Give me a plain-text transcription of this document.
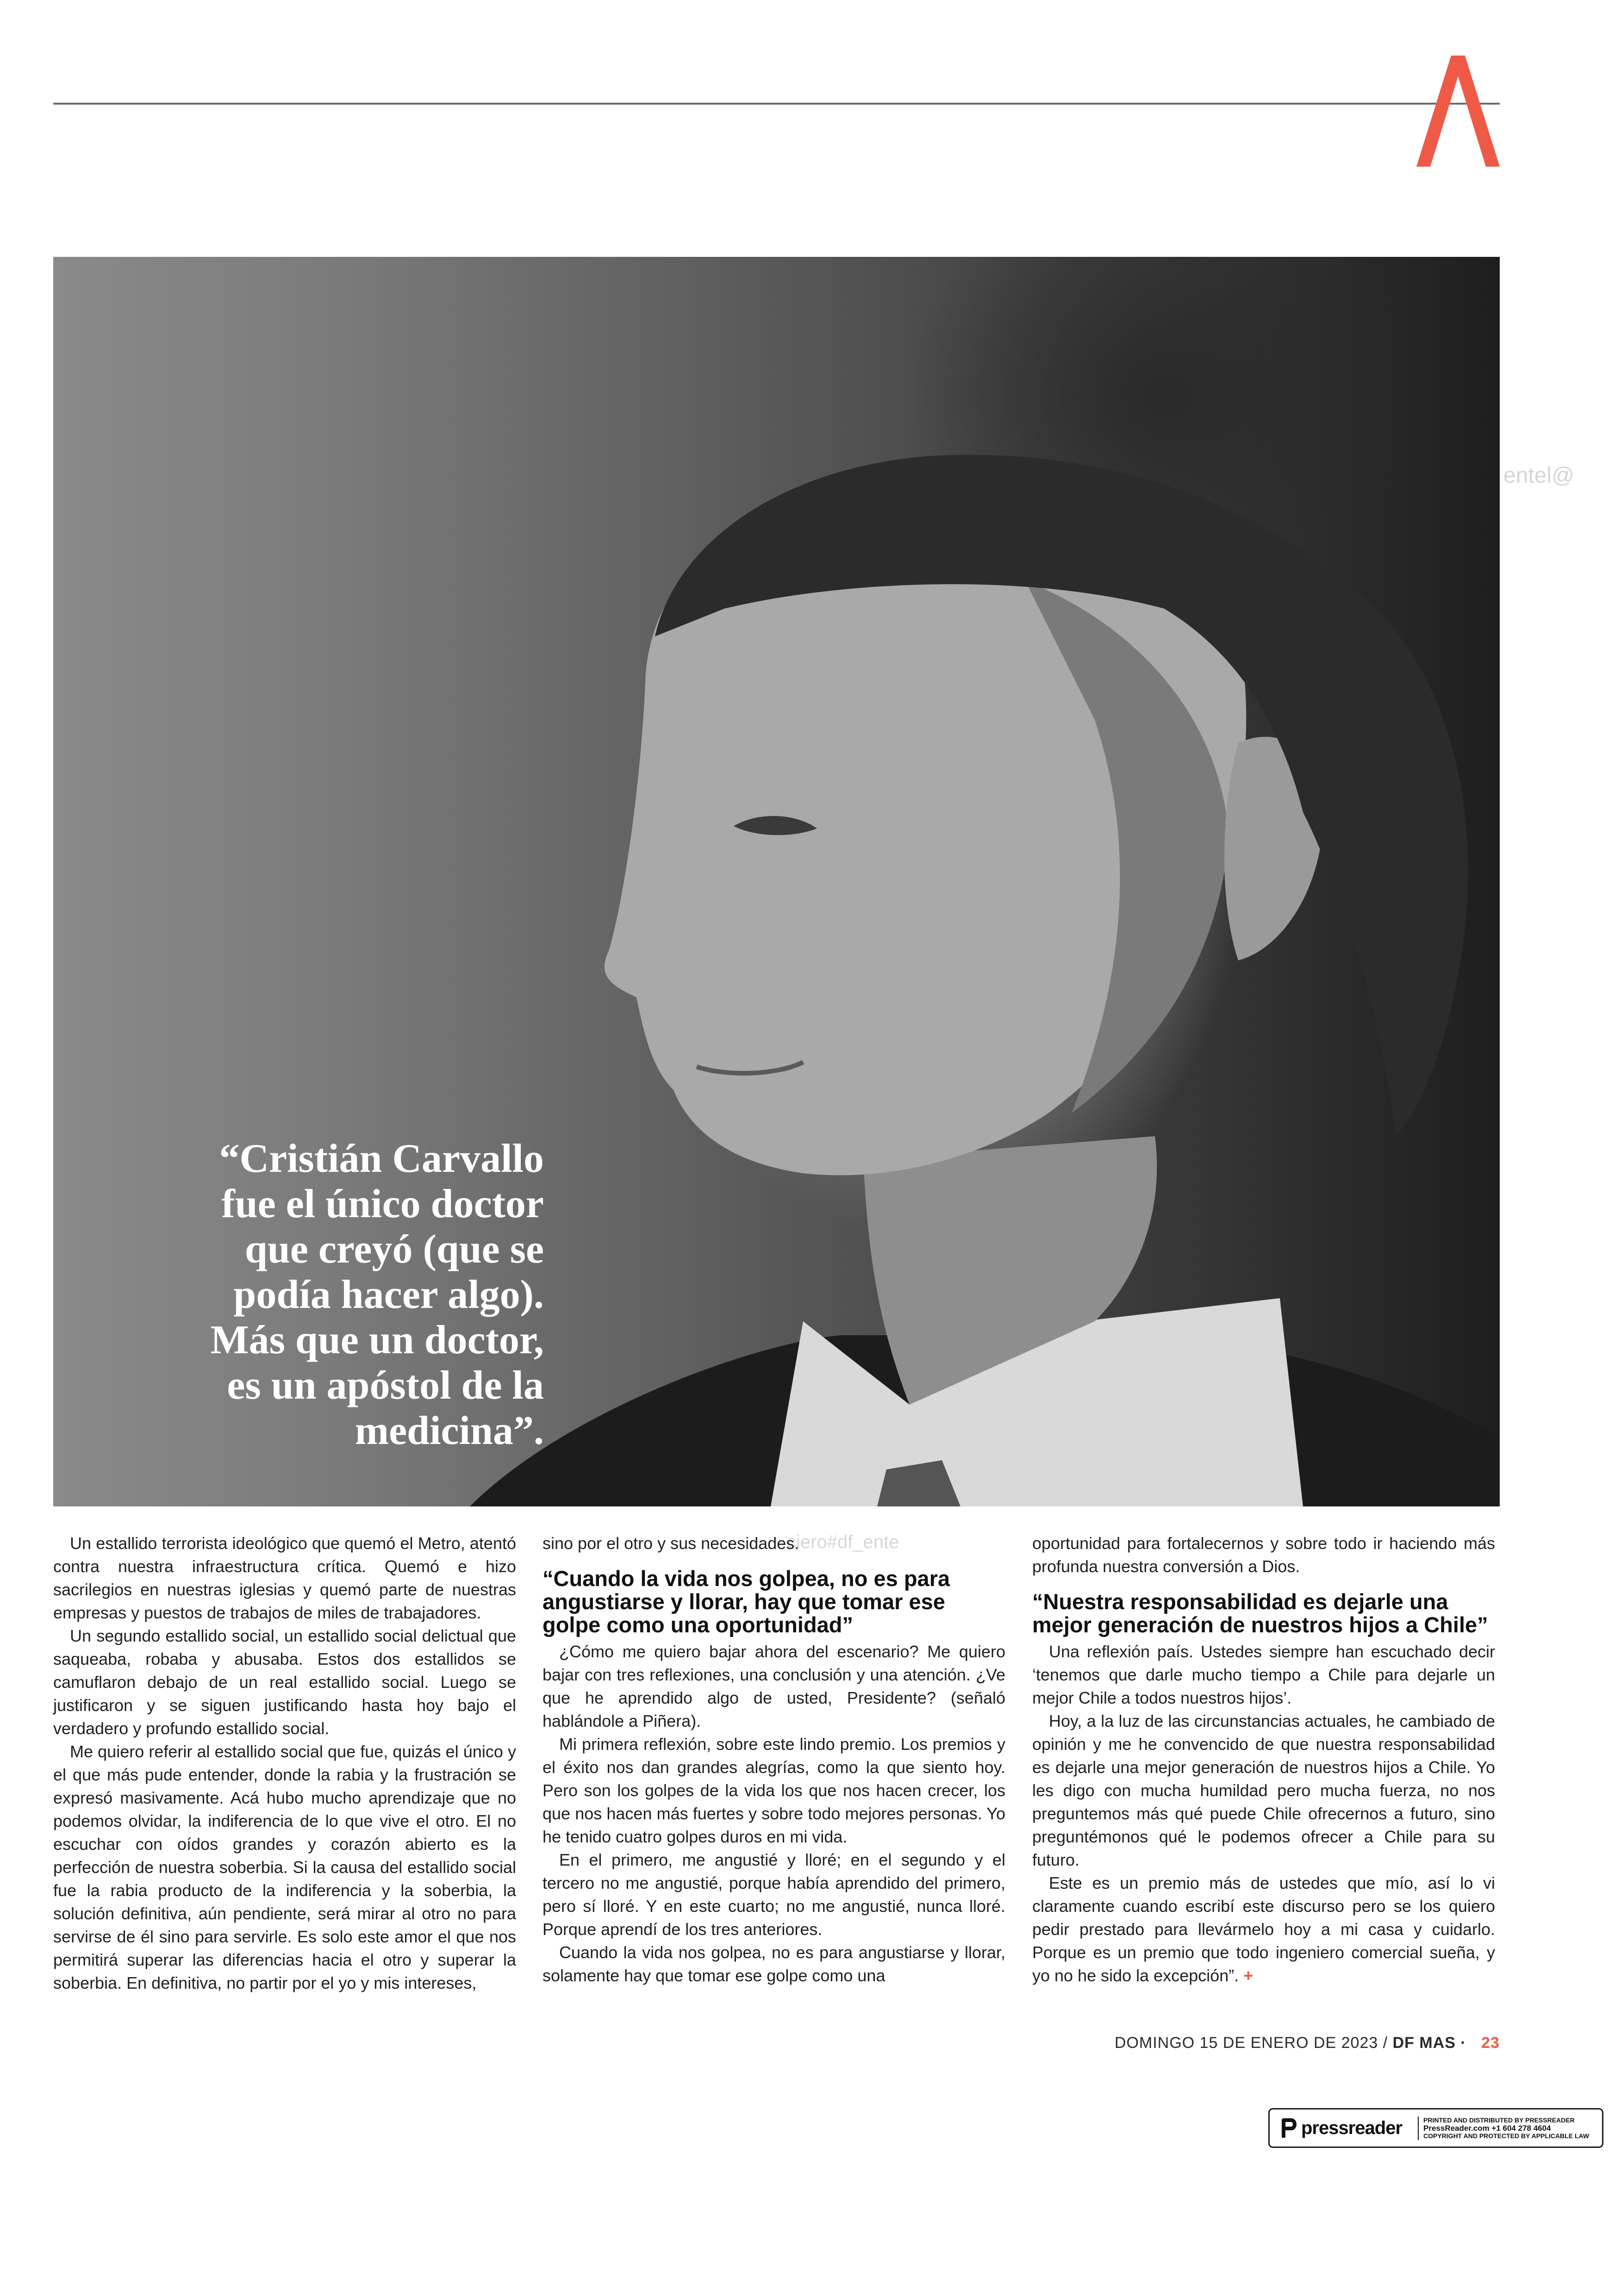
“Cristián Carvallo
fue el único doctor
que creyó (que se
podía hacer algo).
Más que un doctor,
es un apóstol de la
medicina”.
entel@
ciero#df_ente

Un estallido terrorista ideológico que quemó el Metro, atentó contra nuestra infraestructura crítica. Quemó e hizo sacrilegios en nuestras iglesias y quemó parte de nuestras empresas y puestos de trabajos de miles de trabajadores.

Un segundo estallido social, un estallido social delictual que saqueaba, robaba y abusaba. Estos dos estallidos se camuflaron debajo de un real estallido social. Luego se justificaron y se siguen justificando hasta hoy bajo el verdadero y profundo estallido social.

Me quiero referir al estallido social que fue, quizás el único y el que más pude entender, donde la rabia y la frustración se expresó masivamente. Acá hubo mucho aprendizaje que no podemos olvidar, la indiferencia de lo que vive el otro. El no escuchar con oídos grandes y corazón abierto es la perfección de nuestra soberbia. Si la causa del estallido social fue la rabia producto de la indiferencia y la soberbia, la solución definitiva, aún pendiente, será mirar al otro no para servirse de él sino para servirle. Es solo este amor el que nos permitirá superar las diferencias hacia el otro y superar la soberbia. En definitiva, no partir por el yo y mis intereses,

sino por el otro y sus necesidades.

“Cuando la vida nos golpea, no es para angustiarse y llorar, hay que tomar ese golpe como una oportunidad”

¿Cómo me quiero bajar ahora del escenario? Me quiero bajar con tres reflexiones, una conclusión y una atención. ¿Ve que he aprendido algo de usted, Presidente? (señaló hablándole a Piñera).

Mi primera reflexión, sobre este lindo premio. Los premios y el éxito nos dan grandes alegrías, como la que siento hoy. Pero son los golpes de la vida los que nos hacen crecer, los que nos hacen más fuertes y sobre todo mejores personas. Yo he tenido cuatro golpes duros en mi vida.

En el primero, me angustié y lloré; en el segundo y el tercero no me angustié, porque había aprendido del primero, pero sí lloré. Y en este cuarto; no me angustié, nunca lloré. Porque aprendí de los tres anteriores.

Cuando la vida nos golpea, no es para angustiarse y llorar, solamente hay que tomar ese golpe como una

oportunidad para fortalecernos y sobre todo ir haciendo más profunda nuestra conversión a Dios.

“Nuestra responsabilidad es dejarle una mejor generación de nuestros hijos a Chile”

Una reflexión país. Ustedes siempre han escuchado decir ‘tenemos que darle mucho tiempo a Chile para dejarle un mejor Chile a todos nuestros hijos’.

Hoy, a la luz de las circunstancias actuales, he cambiado de opinión y me he convencido de que nuestra responsabilidad es dejarle una mejor generación de nuestros hijos a Chile. Yo les digo con mucha humildad pero mucha fuerza, no nos preguntemos más qué puede Chile ofrecernos a futuro, sino preguntémonos qué le podemos ofrecer a Chile para su futuro.

Este es un premio más de ustedes que mío, así lo vi claramente cuando escribí este discurso pero se los quiero pedir prestado para llevármelo hoy a mi casa y cuidarlo. Porque es un premio que todo ingeniero comercial sueña, y yo no he sido la excepción”. +

DOMINGO 15 DE ENERO DE 2023 / DF MAS · 23
pressreader	PRINTED AND DISTRIBUTED BY PRESSREADER
PressReader.com +1 604 278 4604
COPYRIGHT AND PROTECTED BY APPLICABLE LAW
